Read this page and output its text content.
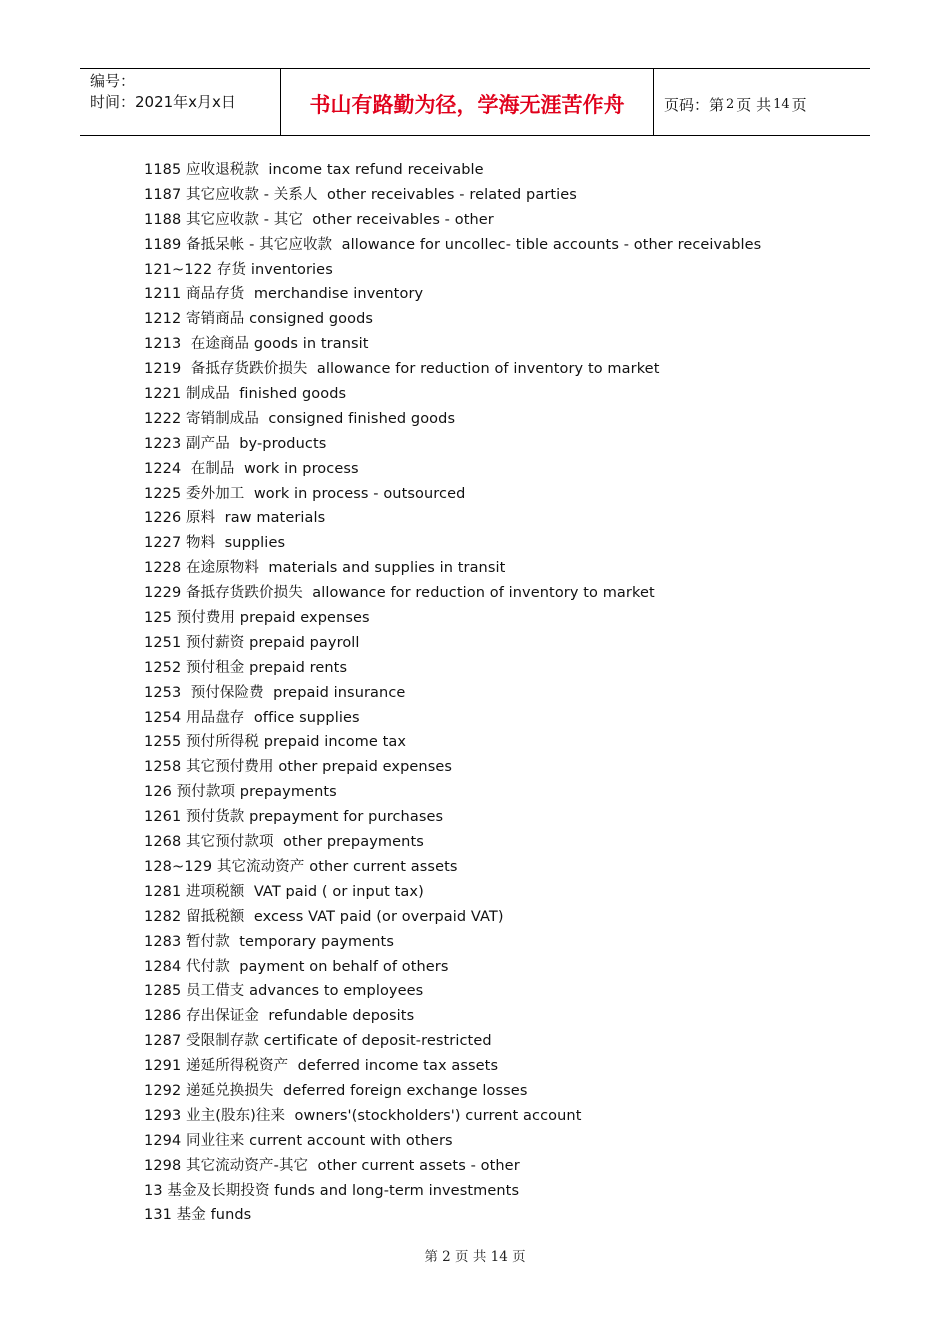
编号：
时间：2021年x月x日	书山有路勤为径，学海无涯苦作舟	页码：第 2 页 共 14 页
1185 应收退税款  income tax refund receivable
1187 其它应收款 - 关系人  other receivables - related parties
1188 其它应收款 - 其它  other receivables - other
1189 备抵呆帐 - 其它应收款  allowance for uncollec- tible accounts - other receivables
121~122 存货 inventories
1211 商品存货  merchandise inventory
1212 寄销商品 consigned goods
1213  在途商品 goods in transit
1219  备抵存货跌价损失  allowance for reduction of inventory to market
1221 制成品  finished goods
1222 寄销制成品  consigned finished goods
1223 副产品  by-products
1224  在制品  work in process
1225 委外加工  work in process - outsourced
1226 原料  raw materials
1227 物料  supplies
1228 在途原物料  materials and supplies in transit
1229 备抵存货跌价损失  allowance for reduction of inventory to market
125 预付费用 prepaid expenses
1251 预付薪资 prepaid payroll
1252 预付租金 prepaid rents
1253  预付保险费  prepaid insurance
1254 用品盘存  office supplies
1255 预付所得税 prepaid income tax
1258 其它预付费用 other prepaid expenses
126 预付款项 prepayments
1261 预付货款 prepayment for purchases
1268 其它预付款项  other prepayments
128~129 其它流动资产 other current assets
1281 进项税额  VAT paid ( or input tax)
1282 留抵税额  excess VAT paid (or overpaid VAT)
1283 暂付款  temporary payments
1284 代付款  payment on behalf of others
1285 员工借支 advances to employees
1286 存出保证金  refundable deposits
1287 受限制存款 certificate of deposit-restricted
1291 递延所得税资产  deferred income tax assets
1292 递延兑换损失  deferred foreign exchange losses
1293 业主(股东)往来  owners'(stockholders') current account
1294 同业往来 current account with others
1298 其它流动资产-其它  other current assets - other
13 基金及长期投资 funds and long-term investments
131 基金 funds
第 2 页 共 14 页
